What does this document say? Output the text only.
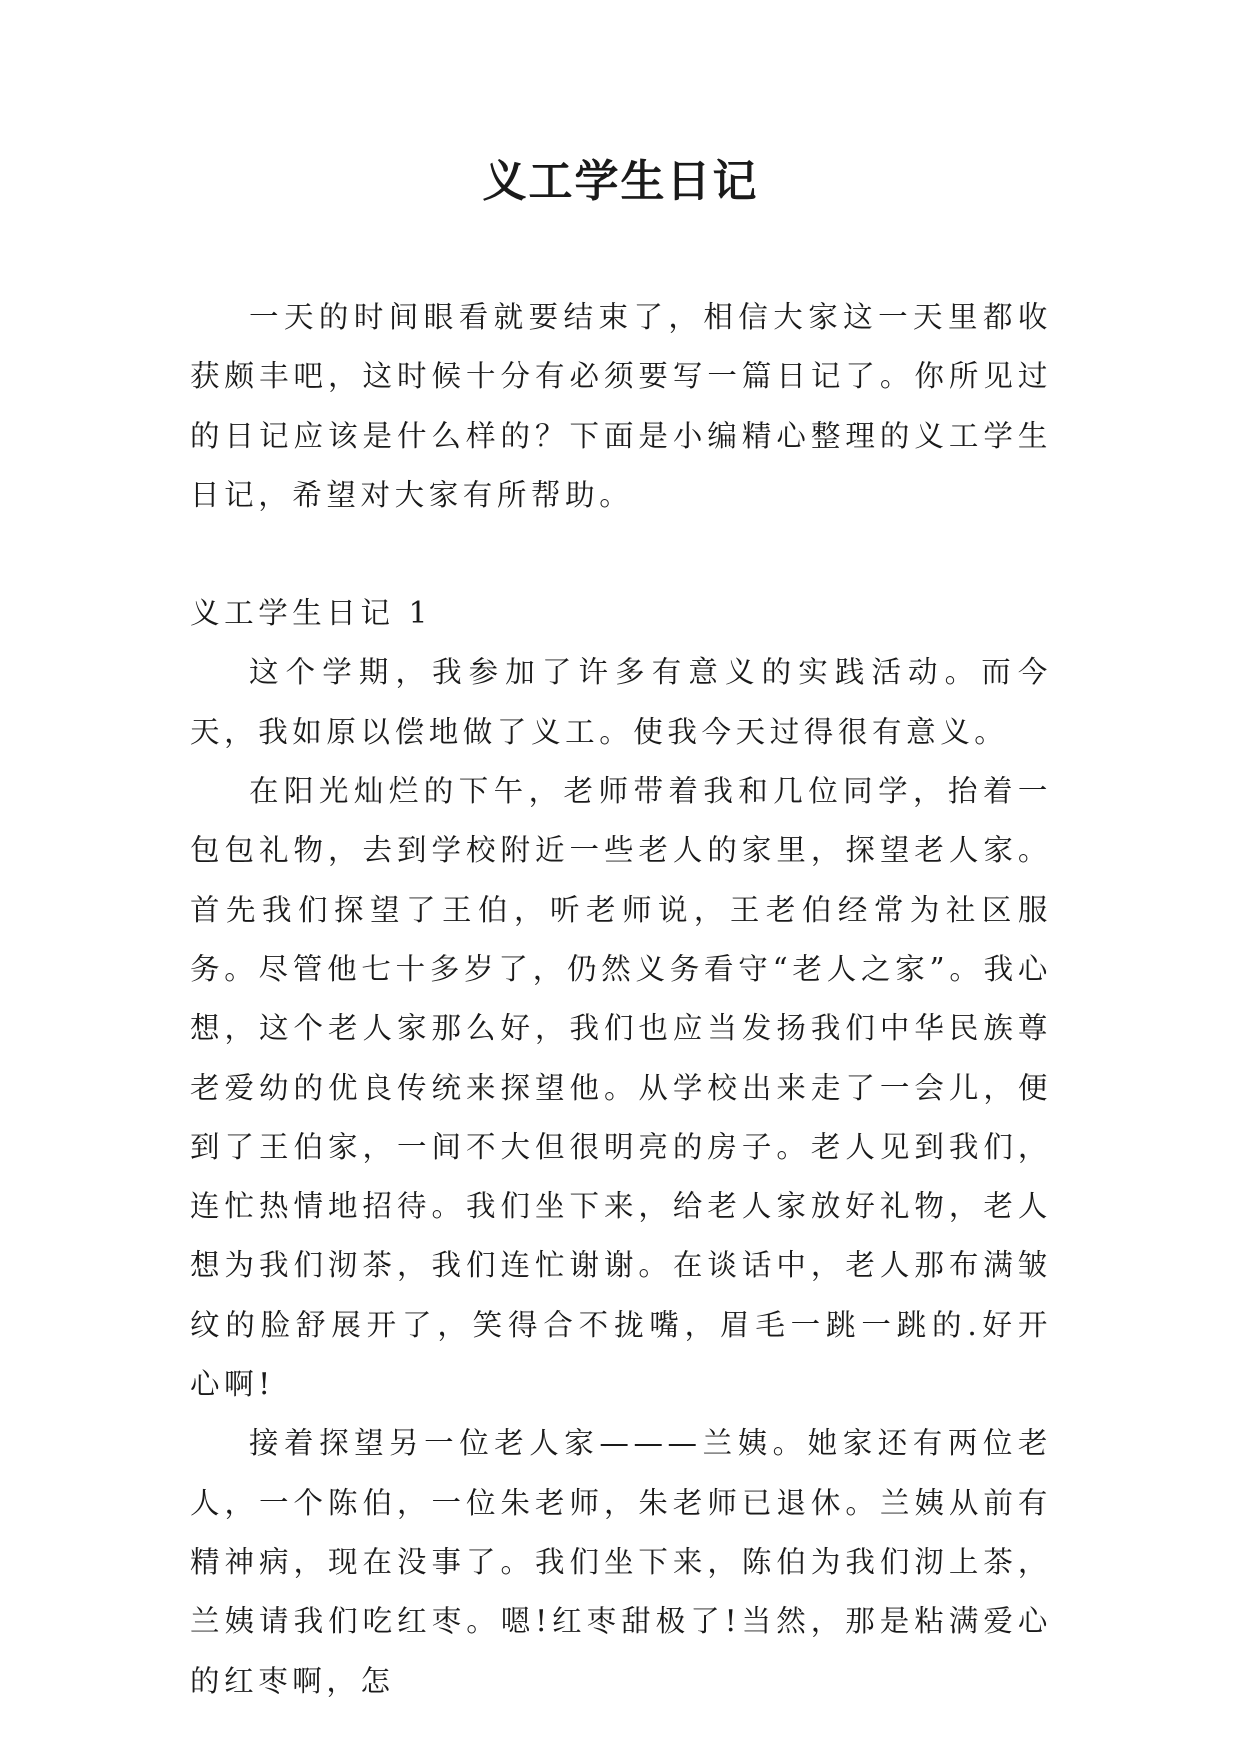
义工学生日记

一天的时间眼看就要结束了，相信大家这一天里都收获颇丰吧，这时候十分有必须要写一篇日记了。你所见过的日记应该是什么样的？下面是小编精心整理的义工学生日记，希望对大家有所帮助。

义工学生日记 1

这个学期，我参加了许多有意义的实践活动。而今天，我如原以偿地做了义工。使我今天过得很有意义。

在阳光灿烂的下午，老师带着我和几位同学，抬着一包包礼物，去到学校附近一些老人的家里，探望老人家。首先我们探望了王伯，听老师说，王老伯经常为社区服务。尽管他七十多岁了，仍然义务看守“老人之家”。我心想，这个老人家那么好，我们也应当发扬我们中华民族尊老爱幼的优良传统来探望他。从学校出来走了一会儿，便到了王伯家，一间不大但很明亮的房子。老人见到我们，连忙热情地招待。我们坐下来，给老人家放好礼物，老人想为我们沏茶，我们连忙谢谢。在谈话中，老人那布满皱纹的脸舒展开了，笑得合不拢嘴，眉毛一跳一跳的.好开心啊!

接着探望另一位老人家———兰姨。她家还有两位老人，一个陈伯，一位朱老师，朱老师已退休。兰姨从前有精神病，现在没事了。我们坐下来，陈伯为我们沏上茶，兰姨请我们吃红枣。嗯!红枣甜极了!当然，那是粘满爱心的红枣啊，怎
